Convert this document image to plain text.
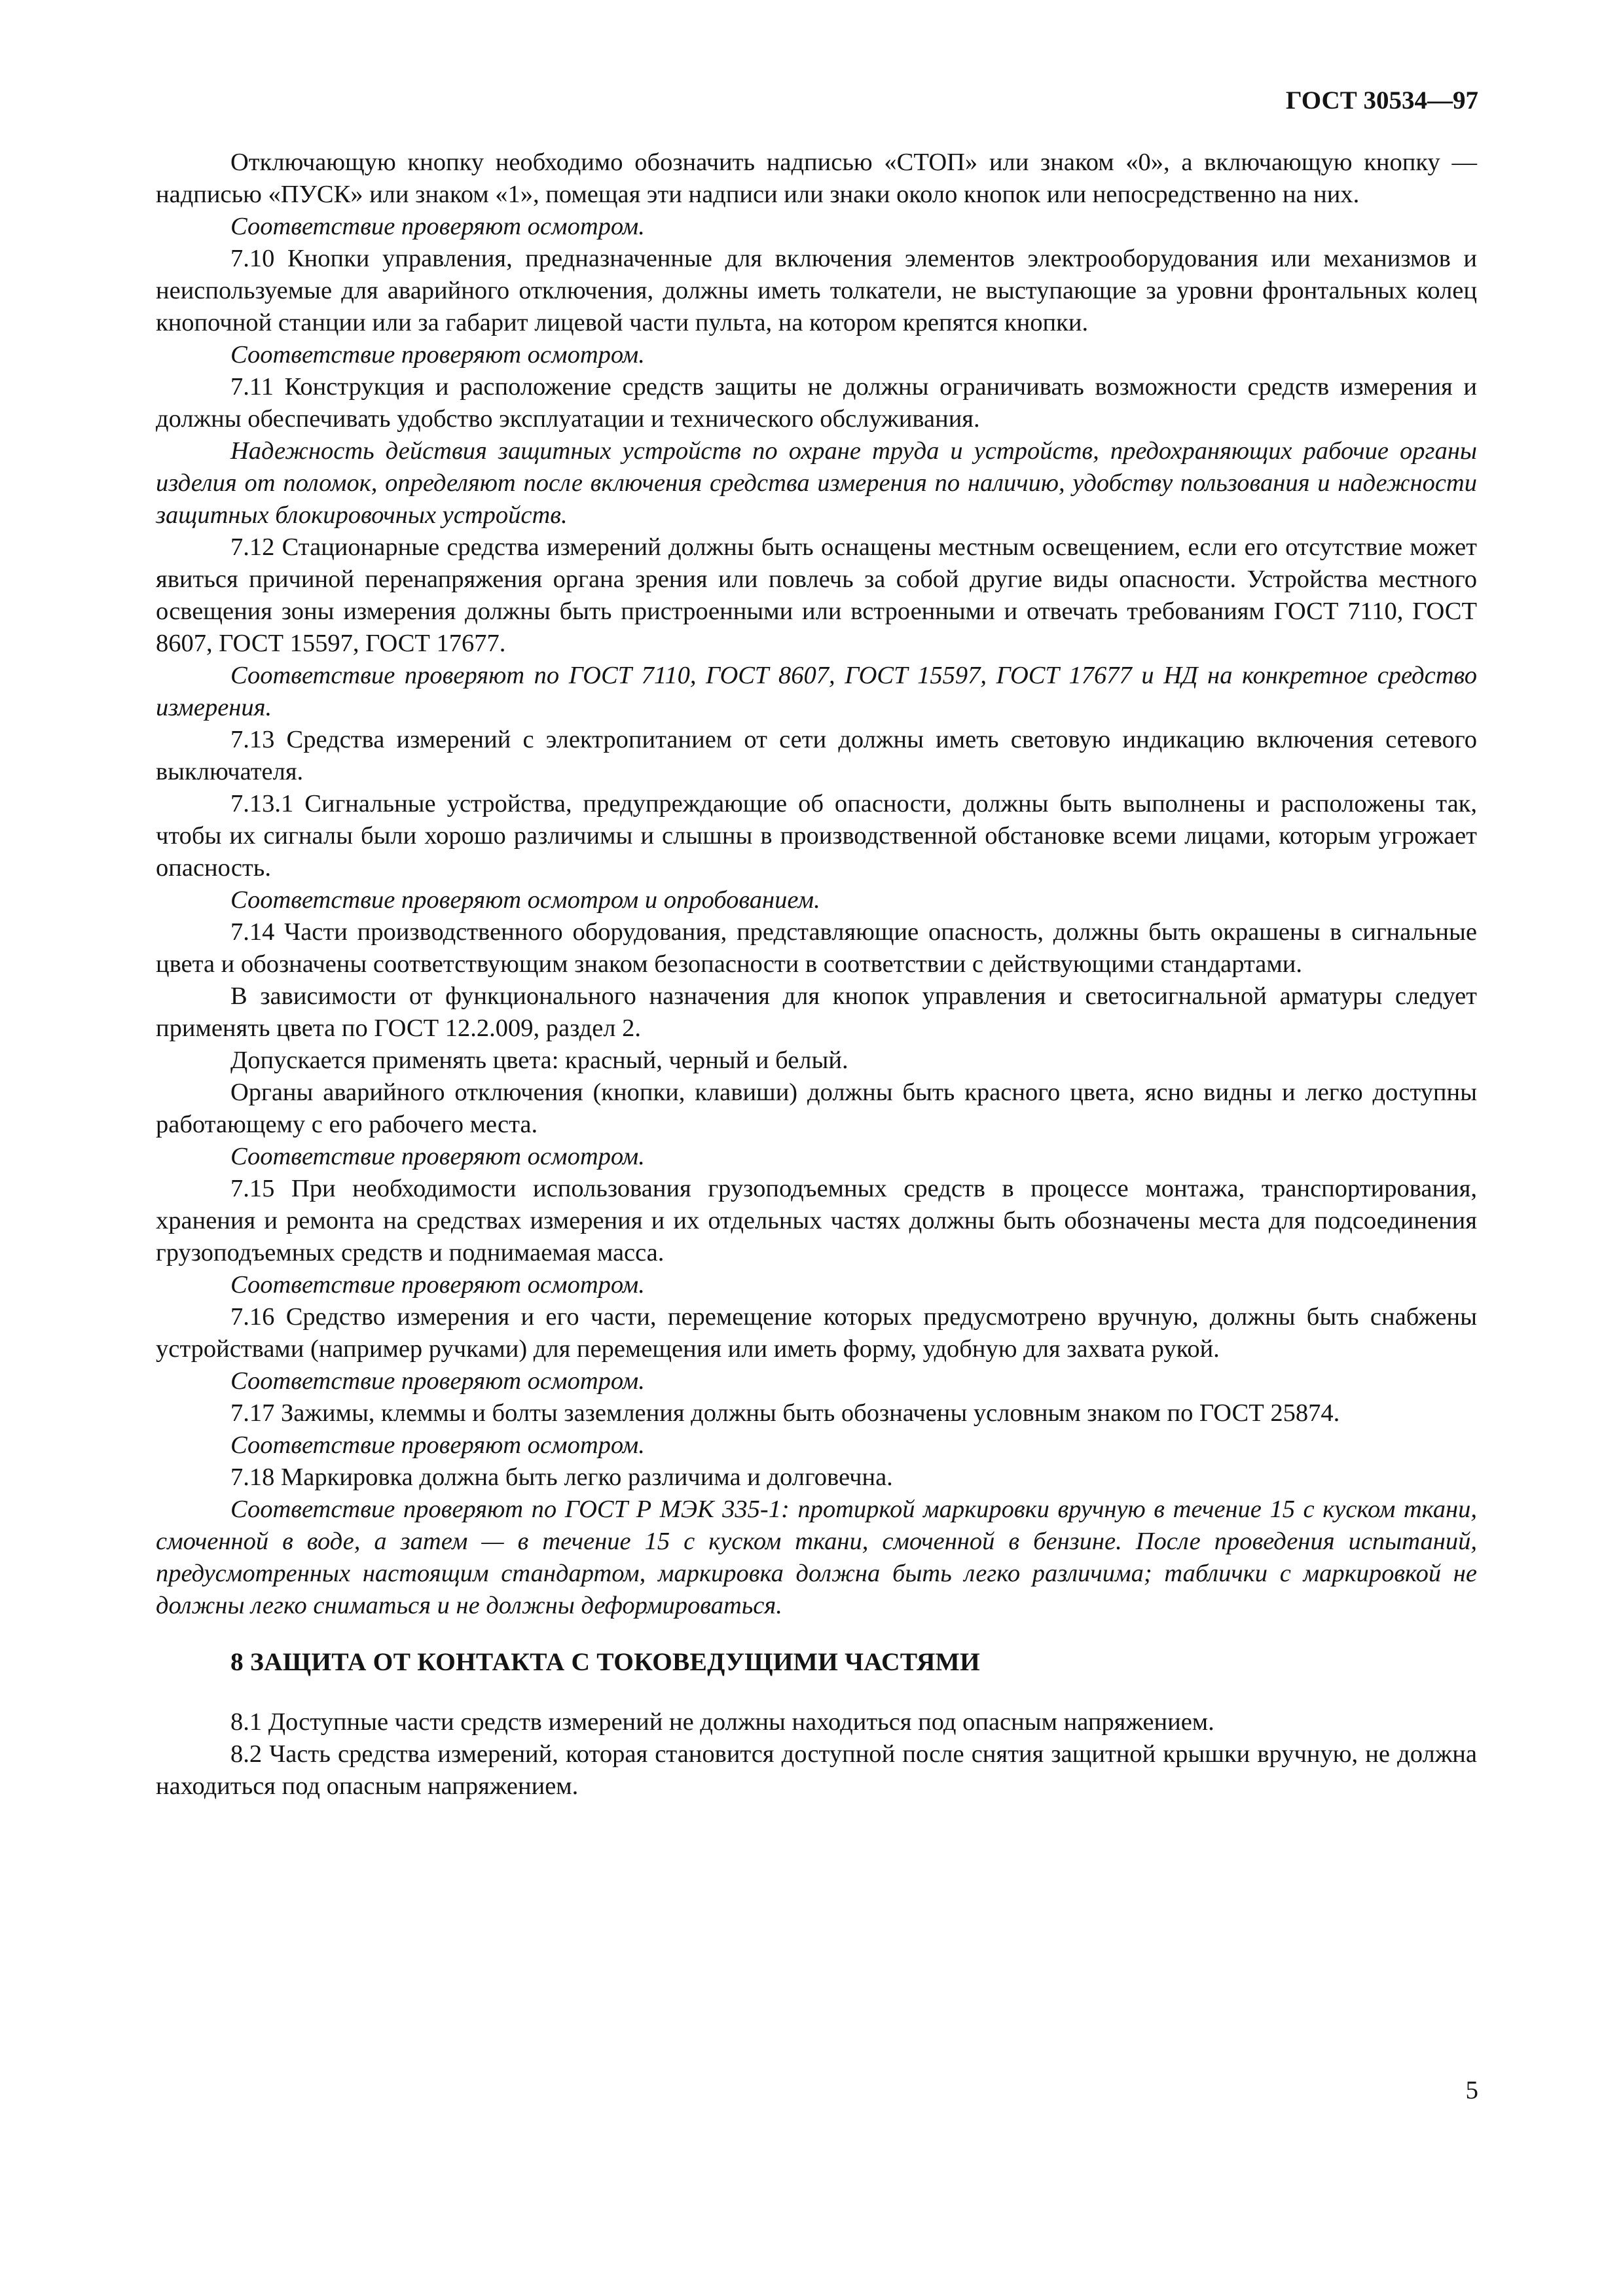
ГОСТ 30534—97

Отключающую кнопку необходимо обозначить надписью «СТОП» или знаком «0», а включающую кнопку — надписью «ПУСК» или знаком «1», помещая эти надписи или знаки около кнопок или непосредственно на них.

Соответствие проверяют осмотром.

7.10 Кнопки управления, предназначенные для включения элементов электрооборудования или механизмов и неиспользуемые для аварийного отключения, должны иметь толкатели, не выступающие за уровни фронтальных колец кнопочной станции или за габарит лицевой части пульта, на котором крепятся кнопки.

Соответствие проверяют осмотром.

7.11 Конструкция и расположение средств защиты не должны ограничивать возможности средств измерения и должны обеспечивать удобство эксплуатации и технического обслуживания.

Надежность действия защитных устройств по охране труда и устройств, предохраняющих рабочие органы изделия от поломок, определяют после включения средства измерения по наличию, удобству пользования и надежности защитных блокировочных устройств.

7.12 Стационарные средства измерений должны быть оснащены местным освещением, если его отсутствие может явиться причиной перенапряжения органа зрения или повлечь за собой другие виды опасности. Устройства местного освещения зоны измерения должны быть пристроенными или встроенными и отвечать требованиям ГОСТ 7110, ГОСТ 8607, ГОСТ 15597, ГОСТ 17677.

Соответствие проверяют по ГОСТ 7110, ГОСТ 8607, ГОСТ 15597, ГОСТ 17677 и НД на конкретное средство измерения.

7.13 Средства измерений с электропитанием от сети должны иметь световую индикацию включения сетевого выключателя.

7.13.1 Сигнальные устройства, предупреждающие об опасности, должны быть выполнены и расположены так, чтобы их сигналы были хорошо различимы и слышны в производственной обстановке всеми лицами, которым угрожает опасность.

Соответствие проверяют осмотром и опробованием.

7.14 Части производственного оборудования, представляющие опасность, должны быть окрашены в сигнальные цвета и обозначены соответствующим знаком безопасности в соответствии с действующими стандартами.

В зависимости от функционального назначения для кнопок управления и светосигнальной арматуры следует применять цвета по ГОСТ 12.2.009, раздел 2.

Допускается применять цвета: красный, черный и белый.

Органы аварийного отключения (кнопки, клавиши) должны быть красного цвета, ясно видны и легко доступны работающему с его рабочего места.

Соответствие проверяют осмотром.

7.15 При необходимости использования грузоподъемных средств в процессе монтажа, транспортирования, хранения и ремонта на средствах измерения и их отдельных частях должны быть обозначены места для подсоединения грузоподъемных средств и поднимаемая масса.

Соответствие проверяют осмотром.

7.16 Средство измерения и его части, перемещение которых предусмотрено вручную, должны быть снабжены устройствами (например ручками) для перемещения или иметь форму, удобную для захвата рукой.

Соответствие проверяют осмотром.

7.17 Зажимы, клеммы и болты заземления должны быть обозначены условным знаком по ГОСТ 25874.

Соответствие проверяют осмотром.

7.18 Маркировка должна быть легко различима и долговечна.

Соответствие проверяют по ГОСТ Р МЭК 335-1: протиркой маркировки вручную в течение 15 с куском ткани, смоченной в воде, а затем — в течение 15 с куском ткани, смоченной в бензине. После проведения испытаний, предусмотренных настоящим стандартом, маркировка должна быть легко различима; таблички с маркировкой не должны легко сниматься и не должны деформироваться.

8 ЗАЩИТА ОТ КОНТАКТА С ТОКОВЕДУЩИМИ ЧАСТЯМИ

8.1 Доступные части средств измерений не должны находиться под опасным напряжением.

8.2 Часть средства измерений, которая становится доступной после снятия защитной крышки вручную, не должна находиться под опасным напряжением.

5
